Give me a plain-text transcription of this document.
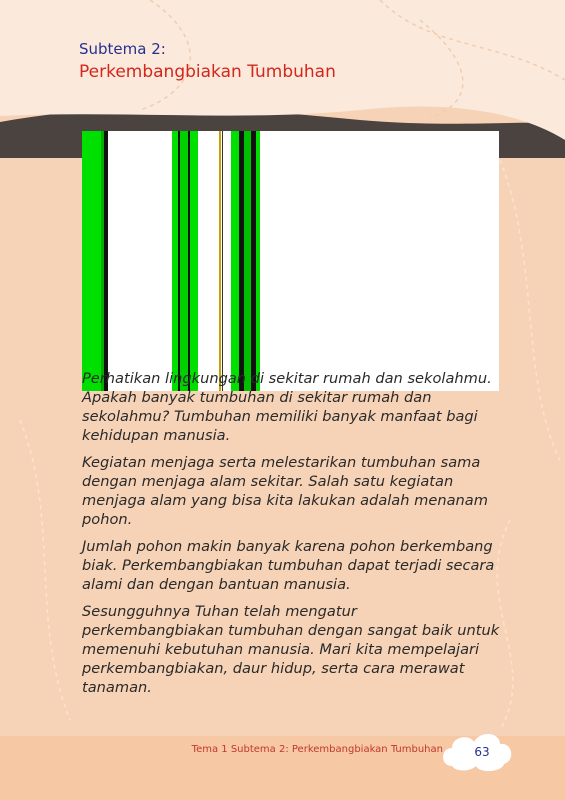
Subtema 2:
Perkembangbiakan Tumbuhan

Perhatikan lingkungan di sekitar rumah dan sekolahmu. Apakah banyak tumbuhan di sekitar rumah dan sekolahmu? Tumbuhan memiliki banyak manfaat bagi kehidupan manusia.

Kegiatan menjaga serta melestarikan tumbuhan sama dengan menjaga alam sekitar. Salah satu kegiatan menjaga alam yang bisa kita lakukan adalah menanam pohon.

Jumlah pohon makin banyak karena pohon berkembang biak. Perkembangbiakan tumbuhan dapat terjadi secara alami dan dengan bantuan manusia.

Sesungguhnya Tuhan telah mengatur perkembangbiakan tumbuhan dengan sangat baik untuk memenuhi kebutuhan manusia. Mari kita mempelajari perkembangbiakan, daur hidup, serta cara merawat tanaman.

Tema 1 Subtema 2: Perkembangbiakan Tumbuhan	63
